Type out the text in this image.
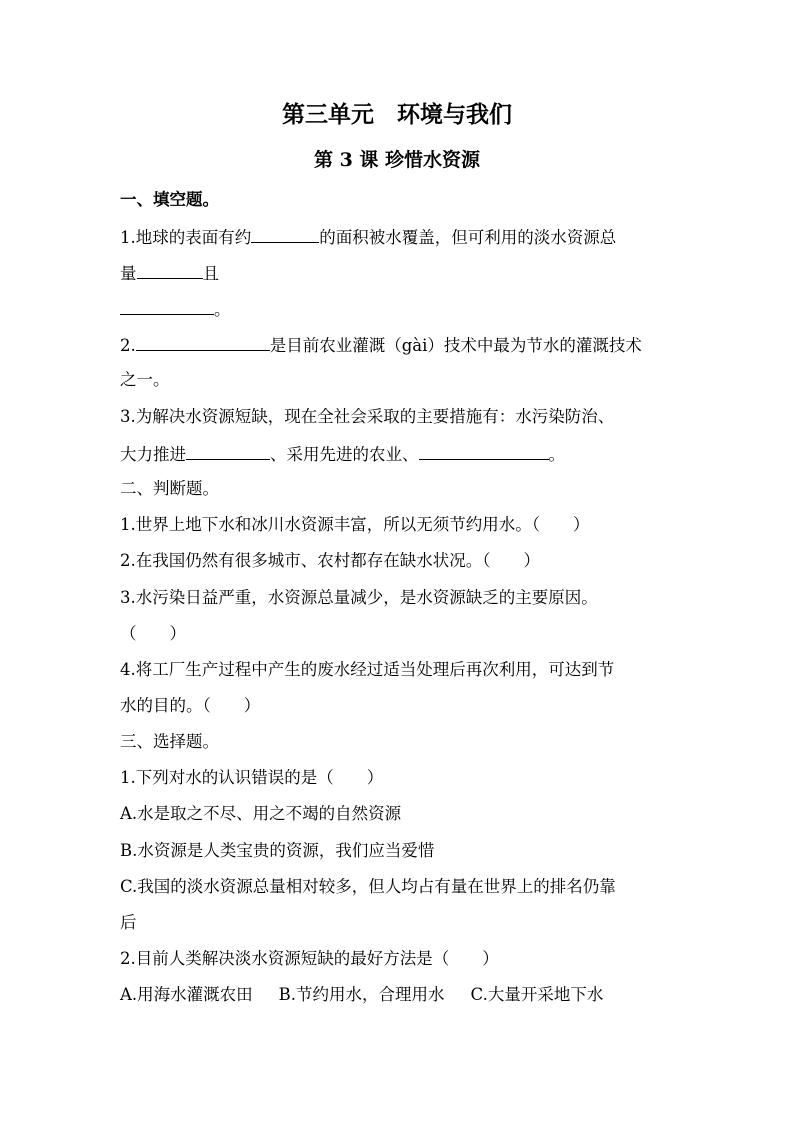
第三单元　环境与我们
第 3 课 珍惜水资源
一、填空题。
1.地球的表面有约	的面积被水覆盖，但可利用的淡水资源总
量	且
。
2.	是目前农业灌溉（gài）技术中最为节水的灌溉技术
之一。
3.为解决水资源短缺，现在全社会采取的主要措施有：水污染防治、
大力推进	、采用先进的农业、	。
二、判断题。
1.世界上地下水和冰川水资源丰富，所以无须节约用水。（　　）
2.在我国仍然有很多城市、农村都存在缺水状况。（　　）
3.水污染日益严重，水资源总量减少，是水资源缺乏的主要原因。
（　　）
4.将工厂生产过程中产生的废水经过适当处理后再次利用，可达到节
水的目的。（　　）
三、选择题。
1.下列对水的认识错误的是（　　）
A.水是取之不尽、用之不竭的自然资源
B.水资源是人类宝贵的资源，我们应当爱惜
C.我国的淡水资源总量相对较多，但人均占有量在世界上的排名仍靠
后
2.目前人类解决淡水资源短缺的最好方法是（　　）
A.用海水灌溉农田 B.节约用水，合理用水 C.大量开采地下水
